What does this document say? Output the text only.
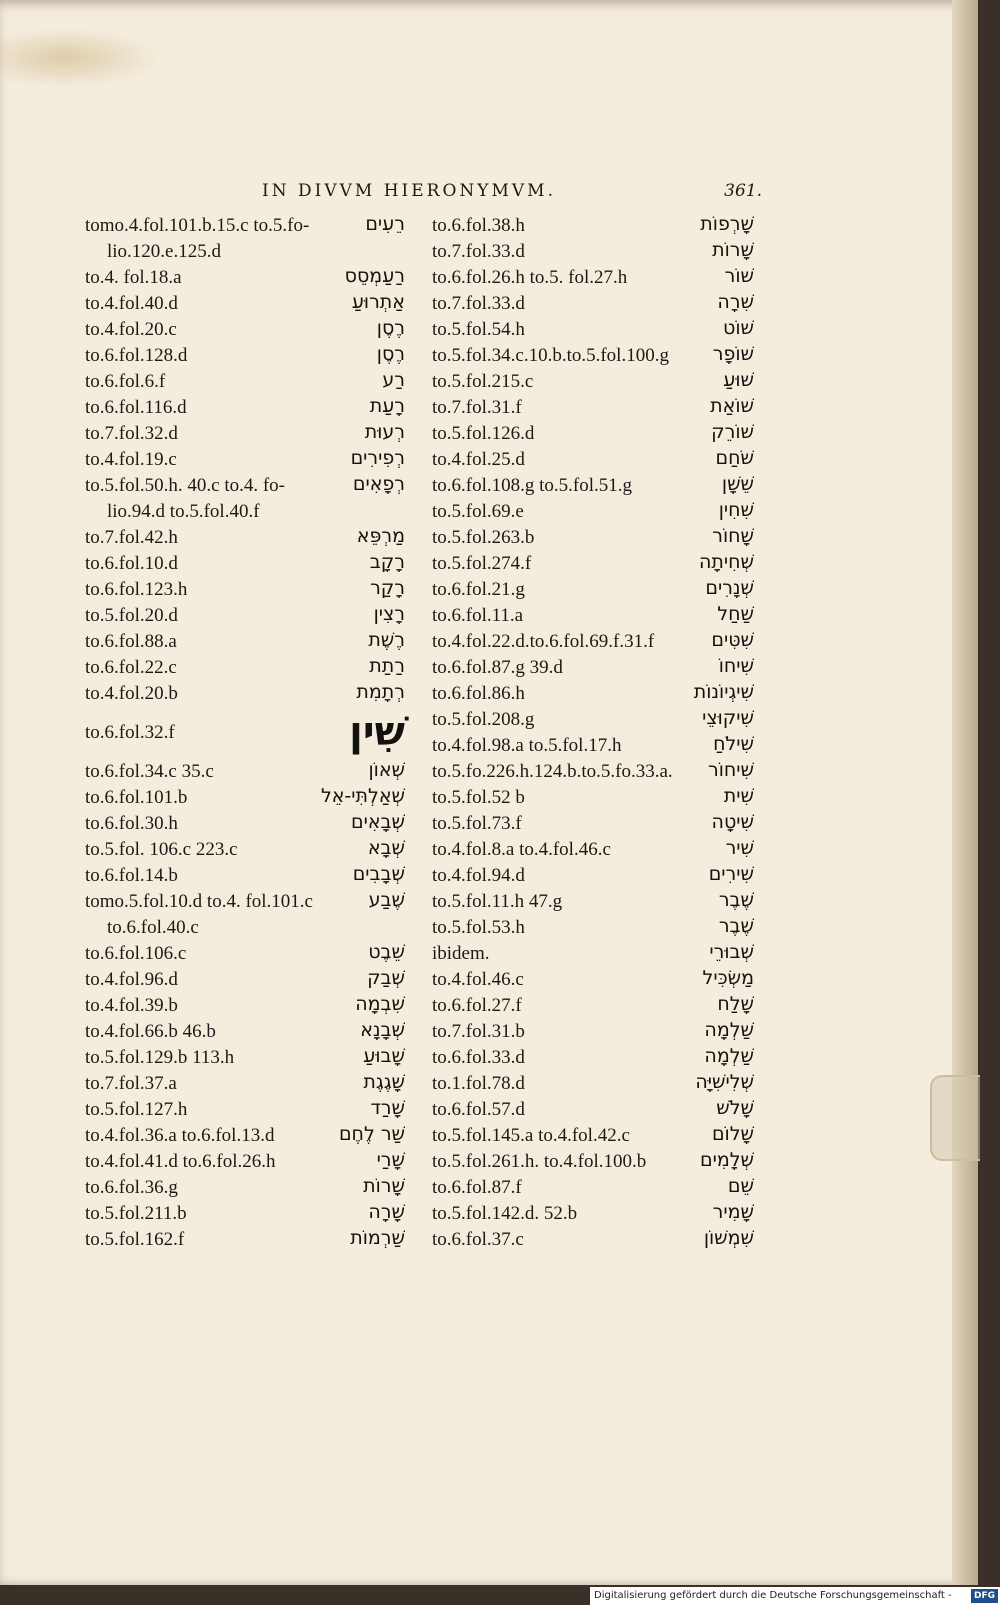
IN DIVVM HIERONYMVM.	361.
tomo.4.fol.101.b.15.c to.5.fo-	רֵעִים
lio.120.e.125.d
to.4. fol.18.a	רַעַמְסֵס
to.4.fol.40.d	אַתְרוּעַ
to.4.fol.20.c	רֶסֶן
to.6.fol.128.d	רֶסֶן
to.6.fol.6.f	רַע
to.6.fol.116.d	רָעַת
to.7.fol.32.d	רְעוּת
to.4.fol.19.c	רְפִירִים
to.5.fol.50.h. 40.c to.4. fo-	רְפָאִים
lio.94.d to.5.fol.40.f
to.7.fol.42.h	מַרְפֵּא
to.6.fol.10.d	רָקָב
to.6.fol.123.h	רָקַר
to.5.fol.20.d	רָצִין
to.6.fol.88.a	רֶשֶׁת
to.6.fol.22.c	רַתַת
to.4.fol.20.b	רְתָמִת
to.6.fol.32.f	שִׁין
to.6.fol.34.c 35.c	שְׁאוֹן
to.6.fol.101.b	שְׁאַלְתִּי-אֵל
to.6.fol.30.h	שְׁבָאִים
to.5.fol. 106.c 223.c	שְׁבָא
to.6.fol.14.b	שְׁבָבִים
tomo.5.fol.10.d to.4. fol.101.c	שֶׁבַע
to.6.fol.40.c
to.6.fol.106.c	שֵׁבֶט
to.4.fol.96.d	שְׁבַק
to.4.fol.39.b	שִׁבְמָה
to.4.fol.66.b 46.b	שְׁבָנָא
to.5.fol.129.b 113.h	שָׁבוּעַ
to.7.fol.37.a	שָׁגֶגֶת
to.5.fol.127.h	שָׁרַד
to.4.fol.36.a to.6.fol.13.d	שַׁר לֶחֶם
to.4.fol.41.d to.6.fol.26.h	שָׁרַי
to.6.fol.36.g	שָׁרוֹת
to.5.fol.211.b	שָׁרָה
to.5.fol.162.f	שַׁרְמוֹת
to.6.fol.38.h	שָׁרְפוֹת
to.7.fol.33.d	שָׁרוֹת
to.6.fol.26.h to.5. fol.27.h	שׁוֹר
to.7.fol.33.d	שִׁרָה
to.5.fol.54.h	שׁוֹט
to.5.fol.34.c.10.b.to.5.fol.100.g שׁוֹפָר
to.5.fol.215.c	שׁוּעַ
to.7.fol.31.f	שׁוֹאַת
to.5.fol.126.d	שׁוֹרֵק
to.4.fol.25.d	שֹׁחַם
to.6.fol.108.g to.5.fol.51.g	שֵׁשָׁן
to.5.fol.69.e	שִׁחִין
to.5.fol.263.b	שָׁחוֹר
to.5.fol.274.f	שְׁחִיתָה
to.6.fol.21.g	שְׁנָרִים
to.6.fol.11.a	שַׁחַל
to.4.fol.22.d.to.6.fol.69.f.31.f	שִׁטִּים
to.6.fol.87.g 39.d	שִׁיחוֹ
to.6.fol.86.h	שִׁיגְיוֹנוֹת
to.5.fol.208.g	שִׁיקוּצֵי
to.4.fol.98.a to.5.fol.17.h	שִׁילֹחַ
to.5.fo.226.h.124.b.to.5.fo.33.a. שִׁיחוֹר
to.5.fol.52 b	שִׁית
to.5.fol.73.f	שִׁיטָה
to.4.fol.8.a to.4.fol.46.c	שִׁיר
to.4.fol.94.d	שִׁירִים
to.5.fol.11.h 47.g	שֶׁבֶר
to.5.fol.53.h	שֶׁבֶר
ibidem.	שְׁבוּרֵי
to.4.fol.46.c	מַשְׂכִּיל
to.6.fol.27.f	שָׁלַח
to.7.fol.31.b	שַׁלְמָה
to.6.fol.33.d	שַׁלְמָה
to.1.fol.78.d	שְׁלִישִׁיָּה
to.6.fol.57.d	שָׁלֹשׁ
to.5.fol.145.a to.4.fol.42.c	שָׁלוֹם
to.5.fol.261.h. to.4.fol.100.b	שְׁלָמִים
to.6.fol.87.f	שֵׁם
to.5.fol.142.d. 52.b	שָׁמִיר
to.6.fol.37.c	שִׁמְשׁוֹן
Digitalisierung gefördert durch die Deutsche Forschungsgemeinschaft -	DFG
